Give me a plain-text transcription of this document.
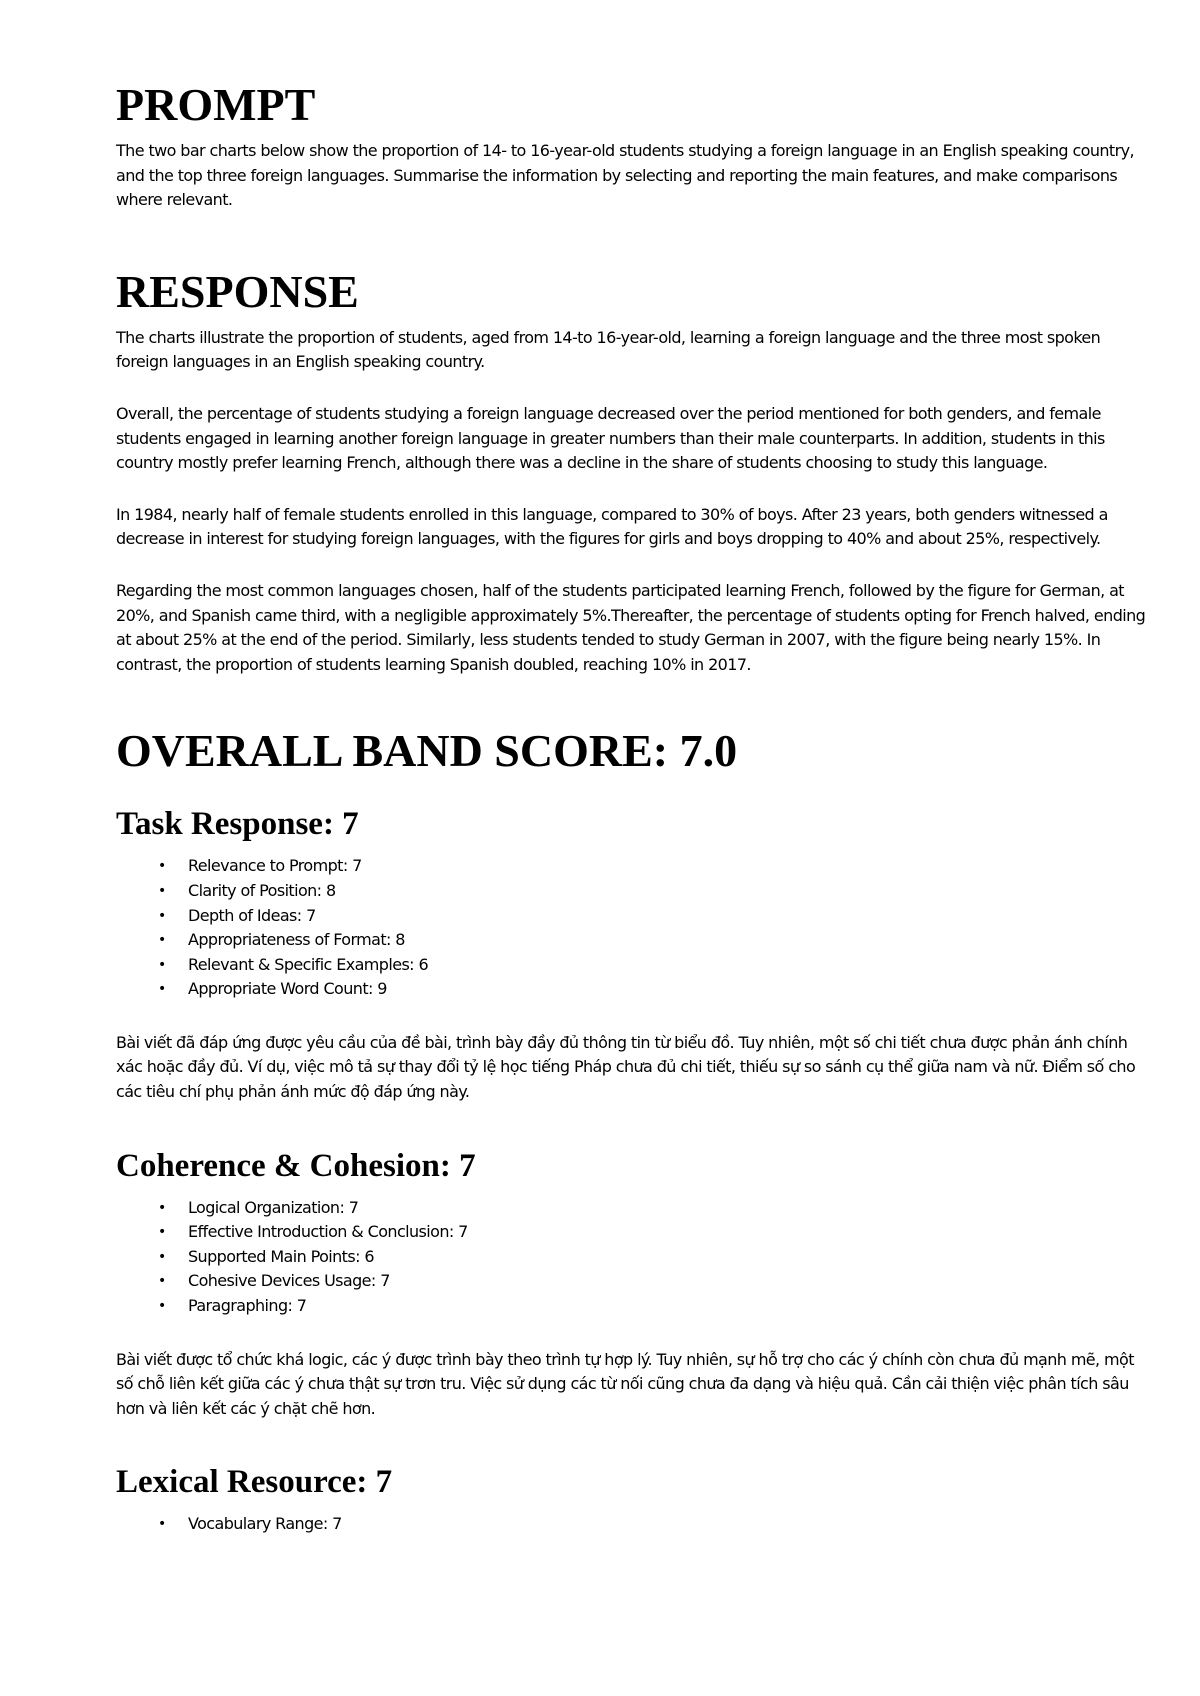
PROMPT

The two bar charts below show the proportion of 14- to 16-year-old students studying a foreign language in an English speaking country, and the top three foreign languages. Summarise the information by selecting and reporting the main features, and make comparisons where relevant.

RESPONSE

The charts illustrate the proportion of students, aged from 14-to 16-year-old, learning a foreign language and the three most spoken foreign languages in an English speaking country.

Overall, the percentage of students studying a foreign language decreased over the period mentioned for both genders, and female students engaged in learning another foreign language in greater numbers than their male counterparts. In addition, students in this country mostly prefer learning French, although there was a decline in the share of students choosing to study this language.

In 1984, nearly half of female students enrolled in this language, compared to 30% of boys. After 23 years, both genders witnessed a decrease in interest for studying foreign languages, with the figures for girls and boys dropping to 40% and about 25%, respectively.

Regarding the most common languages chosen, half of the students participated learning French, followed by the figure for German, at 20%, and Spanish came third, with a negligible approximately 5%.Thereafter, the percentage of students opting for French halved, ending at about 25% at the end of the period. Similarly, less students tended to study German in 2007, with the figure being nearly 15%. In contrast, the proportion of students learning Spanish doubled, reaching 10% in 2017.

OVERALL BAND SCORE: 7.0
Task Response: 7
• Relevance to Prompt: 7
• Clarity of Position: 8
• Depth of Ideas: 7
• Appropriateness of Format: 8
• Relevant & Specific Examples: 6
• Appropriate Word Count: 9

Bài viết đã đáp ứng được yêu cầu của đề bài, trình bày đầy đủ thông tin từ biểu đồ. Tuy nhiên, một số chi tiết chưa được phản ánh chính xác hoặc đầy đủ. Ví dụ, việc mô tả sự thay đổi tỷ lệ học tiếng Pháp chưa đủ chi tiết, thiếu sự so sánh cụ thể giữa nam và nữ. Điểm số cho các tiêu chí phụ phản ánh mức độ đáp ứng này.

Coherence & Cohesion: 7
• Logical Organization: 7
• Effective Introduction & Conclusion: 7
• Supported Main Points: 6
• Cohesive Devices Usage: 7
• Paragraphing: 7

Bài viết được tổ chức khá logic, các ý được trình bày theo trình tự hợp lý. Tuy nhiên, sự hỗ trợ cho các ý chính còn chưa đủ mạnh mẽ, một số chỗ liên kết giữa các ý chưa thật sự trơn tru. Việc sử dụng các từ nối cũng chưa đa dạng và hiệu quả. Cần cải thiện việc phân tích sâu hơn và liên kết các ý chặt chẽ hơn.

Lexical Resource: 7
• Vocabulary Range: 7
